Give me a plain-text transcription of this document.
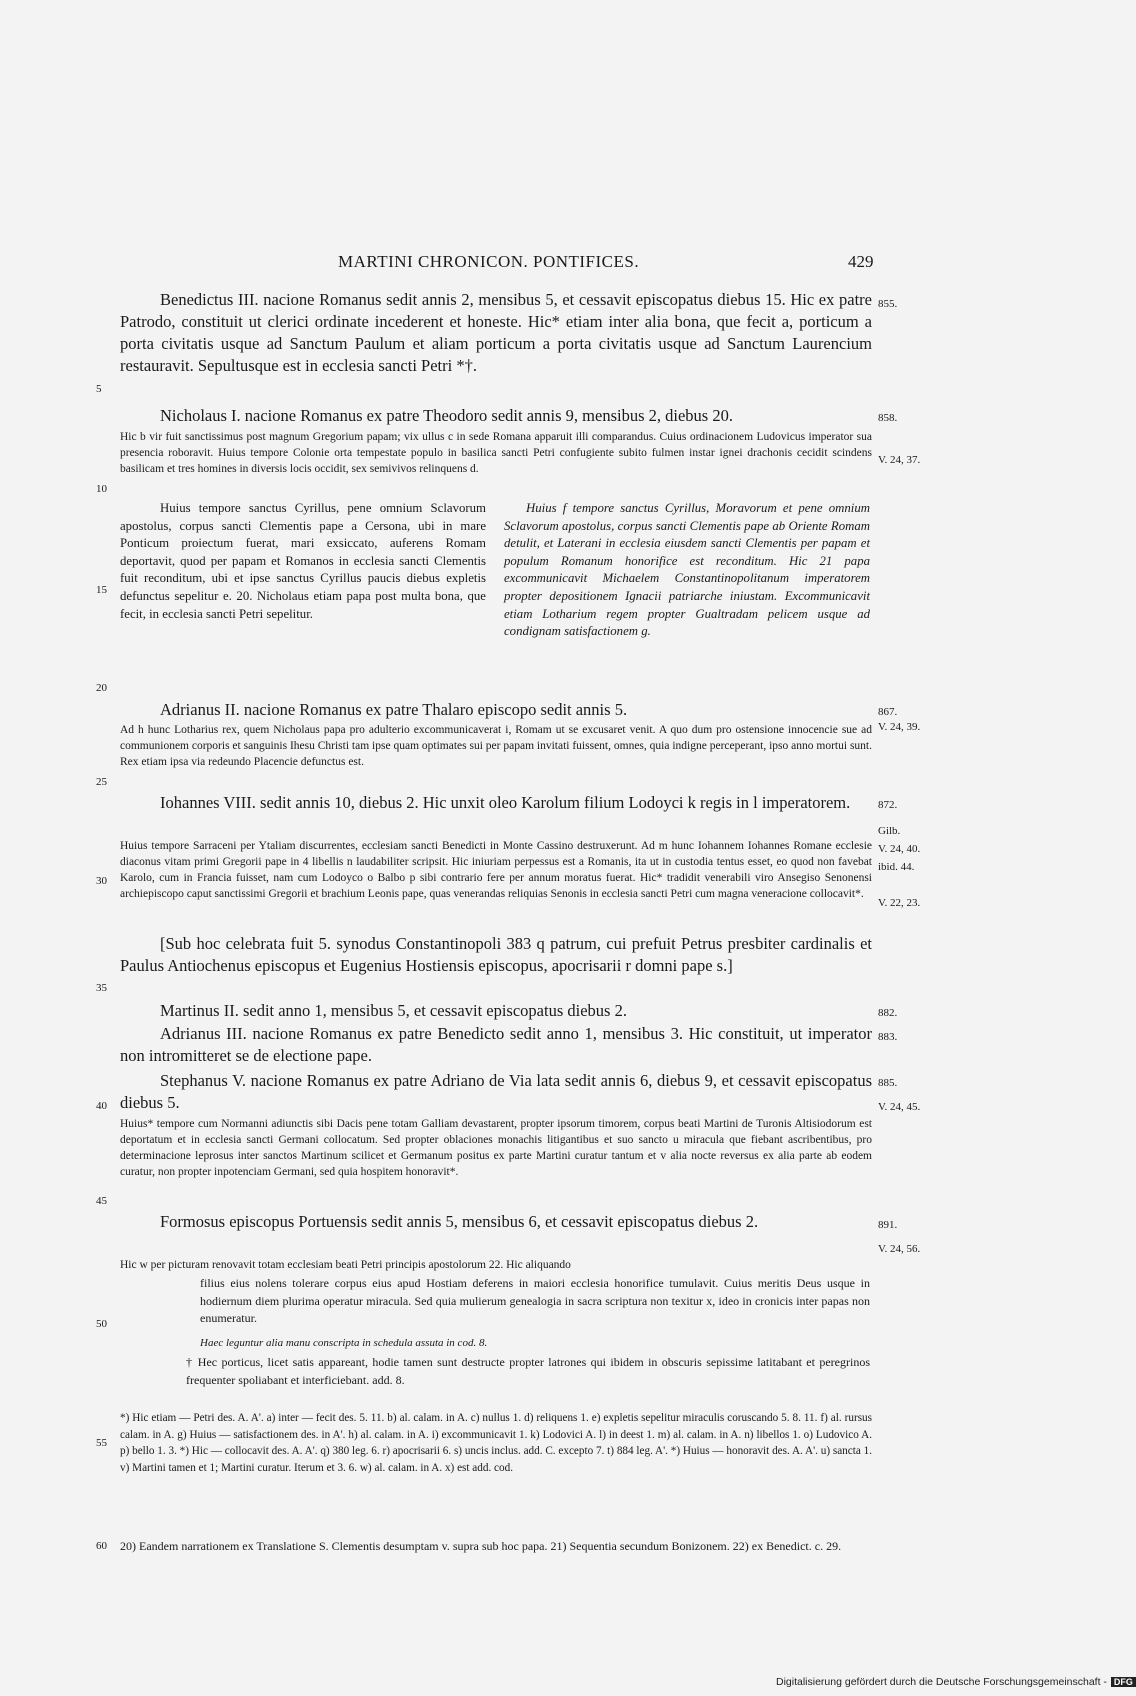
MARTINI CHRONICON. PONTIFICES.	429
Benedictus III. nacione Romanus sedit annis 2, mensibus 5, et cessavit episcopatus diebus 15. Hic ex patre Patrodo, constituit ut clerici ordinate incederent et honeste. Hic* etiam inter alia bona, que fecit a, porticum a porta civitatis usque ad Sanctum Paulum et aliam porticum a porta civitatis usque ad Sanctum Laurencium restauravit. Sepultusque est in ecclesia sancti Petri *†.
Nicholaus I. nacione Romanus ex patre Theodoro sedit annis 9, mensibus 2, diebus 20.
Hic b vir fuit sanctissimus post magnum Gregorium papam; vix ullus c in sede Romana apparuit illi comparandus. Cuius ordinacionem Ludovicus imperator sua presencia roboravit. Huius tempore Colonie orta tempestate populo in basilica sancti Petri confugiente subito fulmen instar ignei drachonis cecidit scindens basilicam et tres homines in diversis locis occidit, sex semivivos relinquens d.
Huius tempore sanctus Cyrillus, pene omnium Sclavorum apostolus, corpus sancti Clementis pape a Cersona, ubi in mare Ponticum proiectum fuerat, mari exsiccato, auferens Romam deportavit, quod per papam et Romanos in ecclesia sancti Clementis fuit reconditum, ubi et ipse sanctus Cyrillus paucis diebus expletis defunctus sepelitur e. 20. Nicholaus etiam papa post multa bona, que fecit, in ecclesia sancti Petri sepelitur.
Huius f tempore sanctus Cyrillus, Moravorum et pene omnium Sclavorum apostolus, corpus sancti Clementis pape ab Oriente Romam detulit, et Laterani in ecclesia eiusdem sancti Clementis per papam et populum Romanum honorifice est reconditum. Hic 21 papa excommunicavit Michaelem Constantinopolitanum imperatorem propter depositionem Ignacii patriarche iniustam. Excommunicavit etiam Lotharium regem propter Gualtradam pelicem usque ad condignam satisfactionem g.
Adrianus II. nacione Romanus ex patre Thalaro episcopo sedit annis 5.
Ad h hunc Lotharius rex, quem Nicholaus papa pro adulterio excommunicaverat i, Romam ut se excusaret venit. A quo dum pro ostensione innocencie sue ad communionem corporis et sanguinis Ihesu Christi tam ipse quam optimates sui per papam invitati fuissent, omnes, quia indigne perceperant, ipso anno mortui sunt. Rex etiam ipsa via redeundo Placencie defunctus est.
Iohannes VIII. sedit annis 10, diebus 2. Hic unxit oleo Karolum filium Lodoyci k regis in l imperatorem.
Huius tempore Sarraceni per Ytaliam discurrentes, ecclesiam sancti Benedicti in Monte Cassino destruxerunt. Ad m hunc Iohannem Iohannes Romane ecclesie diaconus vitam primi Gregorii pape in 4 libellis n laudabiliter scripsit. Hic iniuriam perpessus est a Romanis, ita ut in custodia tentus esset, eo quod non favebat Karolo, cum in Francia fuisset, nam cum Lodoyco o Balbo p sibi contrario fere per annum moratus fuerat. Hic* tradidit venerabili viro Ansegiso Senonensi archiepiscopo caput sanctissimi Gregorii et brachium Leonis pape, quas venerandas reliquias Senonis in ecclesia sancti Petri cum magna veneracione collocavit*.
[Sub hoc celebrata fuit 5. synodus Constantinopoli 383 q patrum, cui prefuit Petrus presbiter cardinalis et Paulus Antiochenus episcopus et Eugenius Hostiensis episcopus, apocrisarii r domni pape s.]
Martinus II. sedit anno 1, mensibus 5, et cessavit episcopatus diebus 2.
Adrianus III. nacione Romanus ex patre Benedicto sedit anno 1, mensibus 3. Hic constituit, ut imperator non intromitteret se de electione pape.
Stephanus V. nacione Romanus ex patre Adriano de Via lata sedit annis 6, diebus 9, et cessavit episcopatus diebus 5.
Huius* tempore cum Normanni adiunctis sibi Dacis pene totam Galliam devastarent, propter ipsorum timorem, corpus beati Martini de Turonis Altisiodorum est deportatum et in ecclesia sancti Germani collocatum. Sed propter oblaciones monachis litigantibus et suo sancto u miracula que fiebant ascribentibus, pro determinacione leprosus inter sanctos Martinum scilicet et Germanum positus ex parte Martini curatur tantum et v alia nocte reversus ex alia parte ab eodem curatur, non propter inpotenciam Germani, sed quia hospitem honoravit*.
Formosus episcopus Portuensis sedit annis 5, mensibus 6, et cessavit episcopatus diebus 2.
Hic w per picturam renovavit totam ecclesiam beati Petri principis apostolorum 22. Hic aliquando
filius eius nolens tolerare corpus eius apud Hostiam deferens in maiori ecclesia honorifice tumulavit. Cuius meritis Deus usque in hodiernum diem plurima operatur miracula. Sed quia mulierum genealogia in sacra scriptura non texitur x, ideo in cronicis inter papas non enumeratur.
Haec leguntur alia manu conscripta in schedula assuta in cod. 8.
† Hec porticus, licet satis appareant, hodie tamen sunt destructe propter latrones qui ibidem in obscuris sepissime latitabant et peregrinos frequenter spoliabant et interficiebant. add. 8.
*) Hic etiam — Petri des. A. A'. a) inter — fecit des. 5. 11. b) al. calam. in A. c) nullus 1. d) reliquens 1. e) expletis sepelitur miraculis coruscando 5. 8. 11. f) al. rursus calam. in A. g) Huius — satisfactionem des. in A'. h) al. calam. in A. i) excommunicavit 1. k) Lodovici A. l) in deest 1. m) al. calam. in A. n) libellos 1. o) Ludovico A. p) bello 1. 3. *) Hic — collocavit des. A. A'. q) 380 leg. 6. r) apocrisarii 6. s) uncis inclus. add. C. excepto 7. t) 884 leg. A'. *) Huius — honoravit des. A. A'. u) sancta 1. v) Martini tamen et 1; Martini curatur. Iterum et 3. 6. w) al. calam. in A. x) est add. cod.
20) Eandem narrationem ex Translatione S. Clementis desumptam v. supra sub hoc papa. 21) Sequentia secundum Bonizonem. 22) ex Benedict. c. 29.
855.
858.
V. 24, 37.
867.
V. 24, 39.
872.
Gilb.
V. 24, 40.
ibid. 44.
V. 22, 23.
882.
883.
885.
V. 24, 45.
891.
V. 24, 56.
5
10
15
20
25
30
35
40
45
50
55
60
Digitalisierung gefördert durch die Deutsche Forschungsgemeinschaft - DFG
